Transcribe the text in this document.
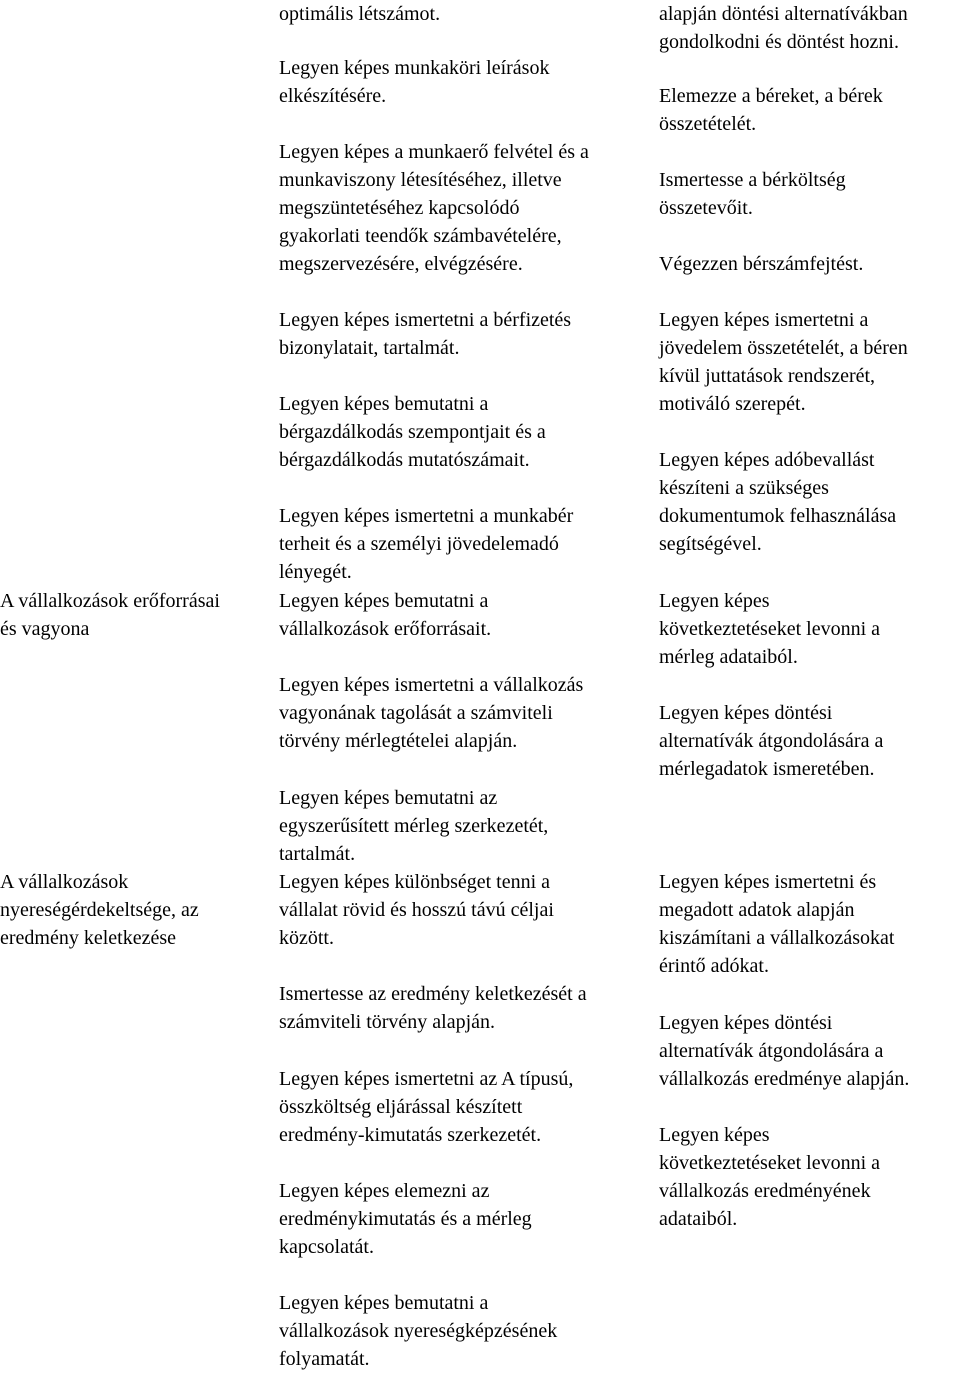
A vállalkozások erőforrásai
és vagyona
A vállalkozások
nyereségérdekeltsége, az
eredmény keletkezése
optimális létszámot.
Legyen képes munkaköri leírások
elkészítésére.
Legyen képes a munkaerő felvétel és a
munkaviszony létesítéséhez, illetve
megszüntetéséhez kapcsolódó
gyakorlati teendők számbavételére,
megszervezésére, elvégzésére.
Legyen képes ismertetni a bérfizetés
bizonylatait, tartalmát.
Legyen képes bemutatni a
bérgazdálkodás szempontjait és a
bérgazdálkodás mutatószámait.
Legyen képes ismertetni a munkabér
terheit és a személyi jövedelemadó
lényegét.
Legyen képes bemutatni a
vállalkozások erőforrásait.
Legyen képes ismertetni a vállalkozás
vagyonának tagolását a számviteli
törvény mérlegtételei alapján.
Legyen képes bemutatni az
egyszerűsített mérleg szerkezetét,
tartalmát.
Legyen képes különbséget tenni a
vállalat rövid és hosszú távú céljai
között.
Ismertesse az eredmény keletkezését a
számviteli törvény alapján.
Legyen képes ismertetni az A típusú,
összköltség eljárással készített
eredmény-kimutatás szerkezetét.
Legyen képes elemezni az
eredménykimutatás és a mérleg
kapcsolatát.
Legyen képes bemutatni a
vállalkozások nyereségképzésének
folyamatát.
alapján döntési alternatívákban
gondolkodni és döntést hozni.
Elemezze a béreket, a bérek
összetételét.
Ismertesse a bérköltség
összetevőit.
Végezzen bérszámfejtést.
Legyen képes ismertetni a
jövedelem összetételét, a béren
kívül juttatások rendszerét,
motiváló szerepét.
Legyen képes adóbevallást
készíteni a szükséges
dokumentumok felhasználása
segítségével.
Legyen képes
következtetéseket levonni a
mérleg adataiból.
Legyen képes döntési
alternatívák átgondolására a
mérlegadatok ismeretében.
Legyen képes ismertetni és
megadott adatok alapján
kiszámítani a vállalkozásokat
érintő adókat.
Legyen képes döntési
alternatívák átgondolására a
vállalkozás eredménye alapján.
Legyen képes
következtetéseket levonni a
vállalkozás eredményének
adataiból.
